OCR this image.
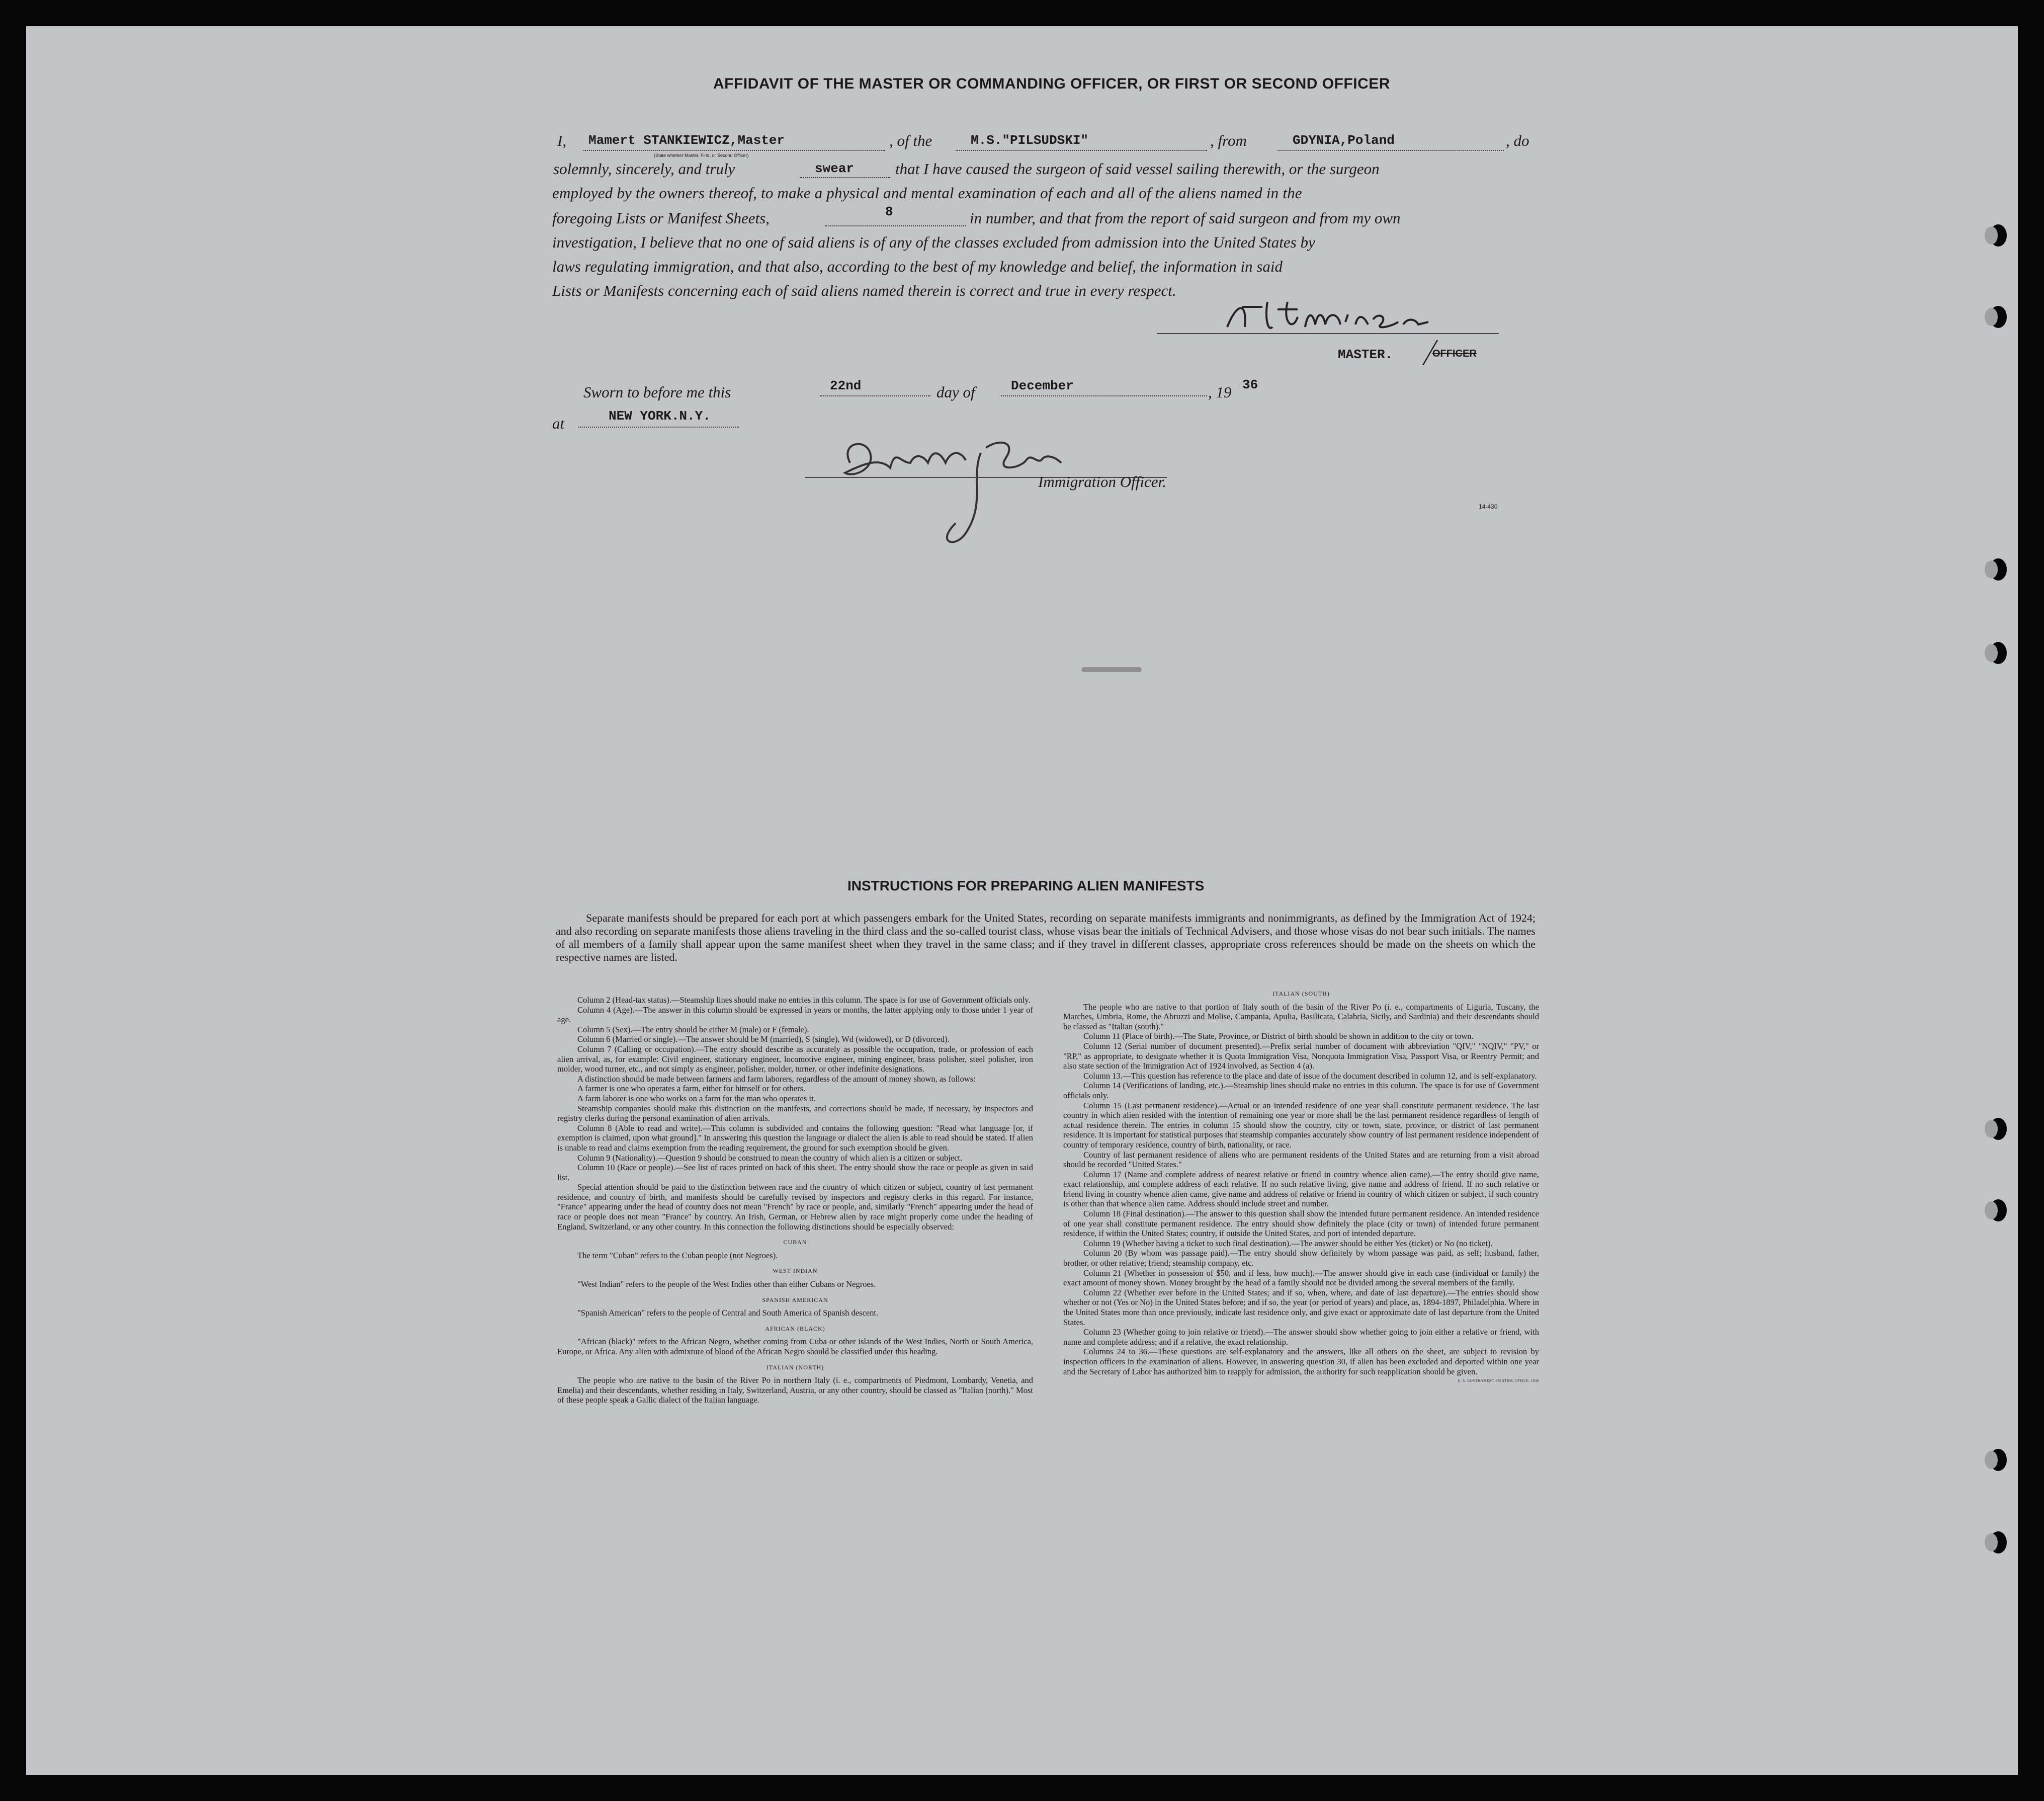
AFFIDAVIT OF THE MASTER OR COMMANDING OFFICER, OR FIRST OR SECOND OFFICER
I, Mamert STANKIEWICZ,Master
(State whether Master, First, or Second Officer)
, of the	M.S."PILSUDSKI"	, from	GDYNIA,Poland	, do
solemnly, sincerely, and truly	swear	that I have caused the surgeon of said vessel sailing therewith, or the surgeon
employed by the owners thereof, to make a physical and mental examination of each and all of the aliens named in the
foregoing Lists or Manifest Sheets,	8	in number, and that from the report of said surgeon and from my own
investigation, I believe that no one of said aliens is of any of the classes excluded from admission into the United States by
laws regulating immigration, and that also, according to the best of my knowledge and belief, the information in said
Lists or Manifests concerning each of said aliens named therein is correct and true in every respect.
MASTER.	OFFICER
Sworn to before me this	22nd	day of	December	, 19 36
at	NEW YORK.N.Y.
Immigration Officer.
14-430
INSTRUCTIONS FOR PREPARING ALIEN MANIFESTS
Separate manifests should be prepared for each port at which passengers embark for the United States, recording on separate manifests immigrants and nonimmigrants, as defined by the Immigration Act of 1924; and also recording on separate manifests those aliens traveling in the third class and the so-called tourist class, whose visas bear the initials of Technical Advisers, and those whose visas do not bear such initials. The names of all members of a family shall appear upon the same manifest sheet when they travel in the same class; and if they travel in different classes, appropriate cross references should be made on the sheets on which the respective names are listed.

Column 2 (Head-tax status).—Steamship lines should make no entries in this column. The space is for use of Government officials only.

Column 4 (Age).—The answer in this column should be expressed in years or months, the latter applying only to those under 1 year of age.

Column 5 (Sex).—The entry should be either M (male) or F (female).

Column 6 (Married or single).—The answer should be M (married), S (single), Wd (widowed), or D (divorced).

Column 7 (Calling or occupation).—The entry should describe as accurately as possible the occupation, trade, or profession of each alien arrival, as, for example: Civil engineer, stationary engineer, locomotive engineer, mining engineer, brass polisher, steel polisher, iron molder, wood turner, etc., and not simply as engineer, polisher, molder, turner, or other indefinite designations.

A distinction should be made between farmers and farm laborers, regardless of the amount of money shown, as follows:

A farmer is one who operates a farm, either for himself or for others.

A farm laborer is one who works on a farm for the man who operates it.

Steamship companies should make this distinction on the manifests, and corrections should be made, if necessary, by inspectors and registry clerks during the personal examination of alien arrivals.

Column 8 (Able to read and write).—This column is subdivided and contains the following question: "Read what language [or, if exemption is claimed, upon what ground]." In answering this question the language or dialect the alien is able to read should be stated. If alien is unable to read and claims exemption from the reading requirement, the ground for such exemption should be given.

Column 9 (Nationality).—Question 9 should be construed to mean the country of which alien is a citizen or subject.

Column 10 (Race or people).—See list of races printed on back of this sheet. The entry should show the race or people as given in said list.

Special attention should be paid to the distinction between race and the country of which citizen or subject, country of last permanent residence, and country of birth, and manifests should be carefully revised by inspectors and registry clerks in this regard. For instance, "France" appearing under the head of country does not mean "French" by race or people, and, similarly "French" appearing under the head of race or people does not mean "France" by country. An Irish, German, or Hebrew alien by race might properly come under the heading of England, Switzerland, or any other country. In this connection the following distinctions should be especially observed:

CUBAN

The term "Cuban" refers to the Cuban people (not Negroes).

WEST INDIAN

"West Indian" refers to the people of the West Indies other than either Cubans or Negroes.

SPANISH AMERICAN

"Spanish American" refers to the people of Central and South America of Spanish descent.

AFRICAN (BLACK)

"African (black)" refers to the African Negro, whether coming from Cuba or other islands of the West Indies, North or South America, Europe, or Africa. Any alien with admixture of blood of the African Negro should be classified under this heading.

ITALIAN (NORTH)

The people who are native to the basin of the River Po in northern Italy (i. e., compartments of Piedmont, Lombardy, Venetia, and Emelia) and their descendants, whether residing in Italy, Switzerland, Austria, or any other country, should be classed as "Italian (north)." Most of these people speak a Gallic dialect of the Italian language.

ITALIAN (SOUTH)

The people who are native to that portion of Italy south of the basin of the River Po (i. e., compartments of Liguria, Tuscany, the Marches, Umbria, Rome, the Abruzzi and Molise, Campania, Apulia, Basilicata, Calabria, Sicily, and Sardinia) and their descendants should be classed as "Italian (south)."

Column 11 (Place of birth).—The State, Province, or District of birth should be shown in addition to the city or town.

Column 12 (Serial number of document presented).—Prefix serial number of document with abbreviation "QIV," "NQIV," "PV," or "RP," as appropriate, to designate whether it is Quota Immigration Visa, Nonquota Immigration Visa, Passport Visa, or Reentry Permit; and also state section of the Immigration Act of 1924 involved, as Section 4 (a).

Column 13.—This question has reference to the place and date of issue of the document described in column 12, and is self-explanatory.

Column 14 (Verifications of landing, etc.).—Steamship lines should make no entries in this column. The space is for use of Government officials only.

Column 15 (Last permanent residence).—Actual or an intended residence of one year shall constitute permanent residence. The last country in which alien resided with the intention of remaining one year or more shall be the last permanent residence regardless of length of actual residence therein. The entries in column 15 should show the country, city or town, state, province, or district of last permanent residence. It is important for statistical purposes that steamship companies accurately show country of last permanent residence independent of country of temporary residence, country of birth, nationality, or race.

Country of last permanent residence of aliens who are permanent residents of the United States and are returning from a visit abroad should be recorded "United States."

Column 17 (Name and complete address of nearest relative or friend in country whence alien came).—The entry should give name, exact relationship, and complete address of each relative. If no such relative living, give name and address of friend. If no such relative or friend living in country whence alien came, give name and address of relative or friend in country of which citizen or subject, if such country is other than that whence alien came. Address should include street and number.

Column 18 (Final destination).—The answer to this question shall show the intended future permanent residence. An intended residence of one year shall constitute permanent residence. The entry should show definitely the place (city or town) of intended future permanent residence, if within the United States; country, if outside the United States, and port of intended departure.

Column 19 (Whether having a ticket to such final destination).—The answer should be either Yes (ticket) or No (no ticket).

Column 20 (By whom was passage paid).—The entry should show definitely by whom passage was paid, as self; husband, father, brother, or other relative; friend; steamship company, etc.

Column 21 (Whether in possession of $50, and if less, how much).—The answer should give in each case (individual or family) the exact amount of money shown. Money brought by the head of a family should not be divided among the several members of the family.

Column 22 (Whether ever before in the United States; and if so, when, where, and date of last departure).—The entries should show whether or not (Yes or No) in the United States before; and if so, the year (or period of years) and place, as, 1894-1897, Philadelphia. Where in the United States more than once previously, indicate last residence only, and give exact or approximate date of last departure from the United States.

Column 23 (Whether going to join relative or friend).—The answer should show whether going to join either a relative or friend, with name and complete address; and if a relative, the exact relationship.

Columns 24 to 36.—These questions are self-explanatory and the answers, like all others on the sheet, are subject to revision by inspection officers in the examination of aliens. However, in answering question 30, if alien has been excluded and deported within one year and the Secretary of Labor has authorized him to reapply for admission, the authority for such reapplication should be given.

U. S. GOVERNMENT PRINTING OFFICE: 1936
